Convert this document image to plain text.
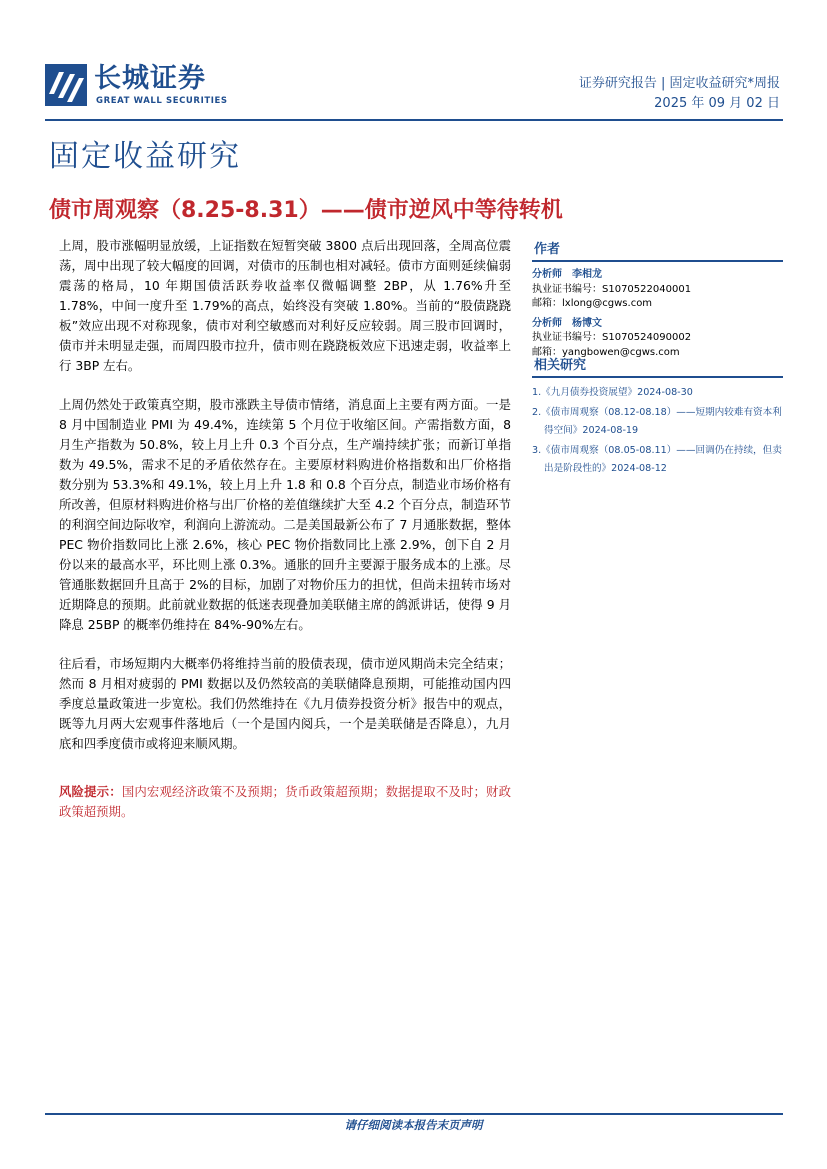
长城证券
GREAT WALL SECURITIES
证券研究报告 | 固定收益研究*周报
2025 年 09 月 02 日
固定收益研究
债市周观察（8.25-8.31）——债市逆风中等待转机

上周，股市涨幅明显放缓，上证指数在短暂突破 3800 点后出现回落，全周高位震荡，周中出现了较大幅度的回调，对债市的压制也相对减轻。债市方面则延续偏弱震荡的格局，10 年期国债活跃券收益率仅微幅调整 2BP，从 1.76%升至 1.78%，中间一度升至 1.79%的高点，始终没有突破 1.80%。当前的“股债跷跷板”效应出现不对称现象，债市对利空敏感而对利好反应较弱。周三股市回调时，债市并未明显走强，而周四股市拉升，债市则在跷跷板效应下迅速走弱，收益率上行 3BP 左右。

上周仍然处于政策真空期，股市涨跌主导债市情绪，消息面上主要有两方面。一是 8 月中国制造业 PMI 为 49.4%，连续第 5 个月位于收缩区间。产需指数方面，8 月生产指数为 50.8%，较上月上升 0.3 个百分点，生产端持续扩张；而新订单指数为 49.5%，需求不足的矛盾依然存在。主要原材料购进价格指数和出厂价格指数分别为 53.3%和 49.1%，较上月上升 1.8 和 0.8 个百分点，制造业市场价格有所改善，但原材料购进价格与出厂价格的差值继续扩大至 4.2 个百分点，制造环节的利润空间边际收窄，利润向上游流动。二是美国最新公布了 7 月通胀数据，整体 PEC 物价指数同比上涨 2.6%，核心 PEC 物价指数同比上涨 2.9%，创下自 2 月份以来的最高水平，环比则上涨 0.3%。通胀的回升主要源于服务成本的上涨。尽管通胀数据回升且高于 2%的目标，加剧了对物价压力的担忧，但尚未扭转市场对近期降息的预期。此前就业数据的低迷表现叠加美联储主席的鸽派讲话，使得 9 月降息 25BP 的概率仍维持在 84%-90%左右。

往后看，市场短期内大概率仍将维持当前的股债表现，债市逆风期尚未完全结束；然而 8 月相对疲弱的 PMI 数据以及仍然较高的美联储降息预期，可能推动国内四季度总量政策进一步宽松。我们仍然维持在《九月债券投资分析》报告中的观点，既等九月两大宏观事件落地后（一个是国内阅兵，一个是美联储是否降息），九月底和四季度债市或将迎来顺风期。

风险提示：国内宏观经济政策不及预期；货币政策超预期；数据提取不及时；财政政策超预期。

作者
分析师 李相龙
执业证书编号：S1070522040001
邮箱：lxlong@cgws.com
分析师 杨博文
执业证书编号：S1070524090002
邮箱：yangbowen@cgws.com
相关研究
1.《九月债券投资展望》2024-08-30
2.《债市周观察（08.12-08.18）——短期内较难有资本利得空间》2024-08-19
3.《债市周观察（08.05-08.11）——回调仍在持续，但卖出是阶段性的》2024-08-12
请仔细阅读本报告末页声明
